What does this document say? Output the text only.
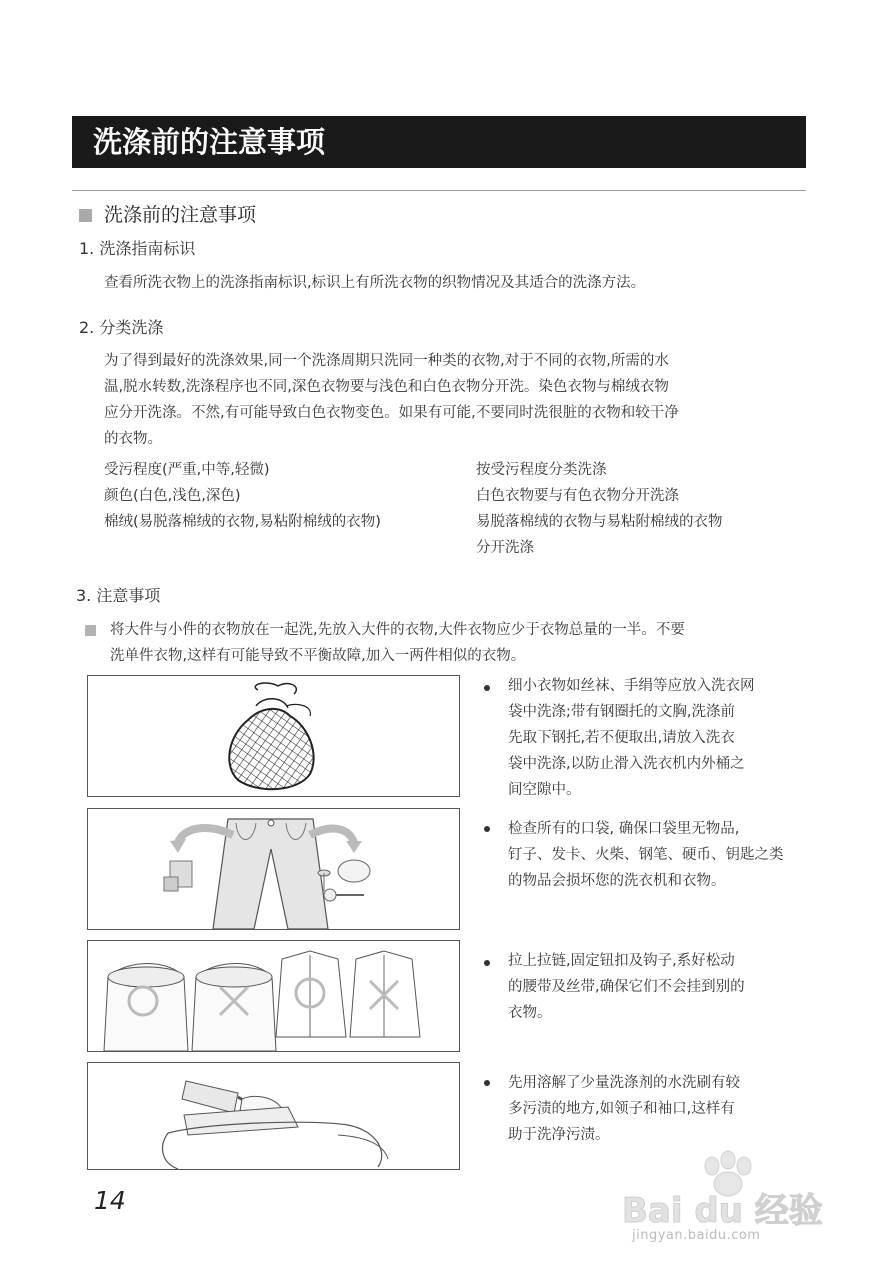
洗涤前的注意事项
洗涤前的注意事项
1. 洗涤指南标识
查看所洗衣物上的洗涤指南标识,标识上有所洗衣物的织物情况及其适合的洗涤方法。
2. 分类洗涤
为了得到最好的洗涤效果,同一个洗涤周期只洗同一种类的衣物,对于不同的衣物,所需的水
温,脱水转数,洗涤程序也不同,深色衣物要与浅色和白色衣物分开洗。染色衣物与棉绒衣物
应分开洗涤。不然,有可能导致白色衣物变色。如果有可能,不要同时洗很脏的衣物和较干净
的衣物。
受污程度(严重,中等,轻微)
颜色(白色,浅色,深色)
棉绒(易脱落棉绒的衣物,易粘附棉绒的衣物)
按受污程度分类洗涤
白色衣物要与有色衣物分开洗涤
易脱落棉绒的衣物与易粘附棉绒的衣物
分开洗涤
3. 注意事项
将大件与小件的衣物放在一起洗,先放入大件的衣物,大件衣物应少于衣物总量的一半。不要
洗单件衣物,这样有可能导致不平衡故障,加入一两件相似的衣物。
细小衣物如丝袜、手绢等应放入洗衣网
袋中洗涤;带有钢圈托的文胸,洗涤前
先取下钢托,若不便取出,请放入洗衣
袋中洗涤,以防止滑入洗衣机内外桶之
间空隙中。
检查所有的口袋, 确保口袋里无物品,
钉子、发卡、火柴、钢笔、硬币、钥匙之类
的物品会损坏您的洗衣机和衣物。
拉上拉链,固定钮扣及钩子,系好松动
的腰带及丝带,确保它们不会挂到别的
衣物。
先用溶解了少量洗涤剂的水洗刷有较
多污渍的地方,如领子和袖口,这样有
助于洗净污渍。
14	Bai du 经验
jingyan.baidu.com
